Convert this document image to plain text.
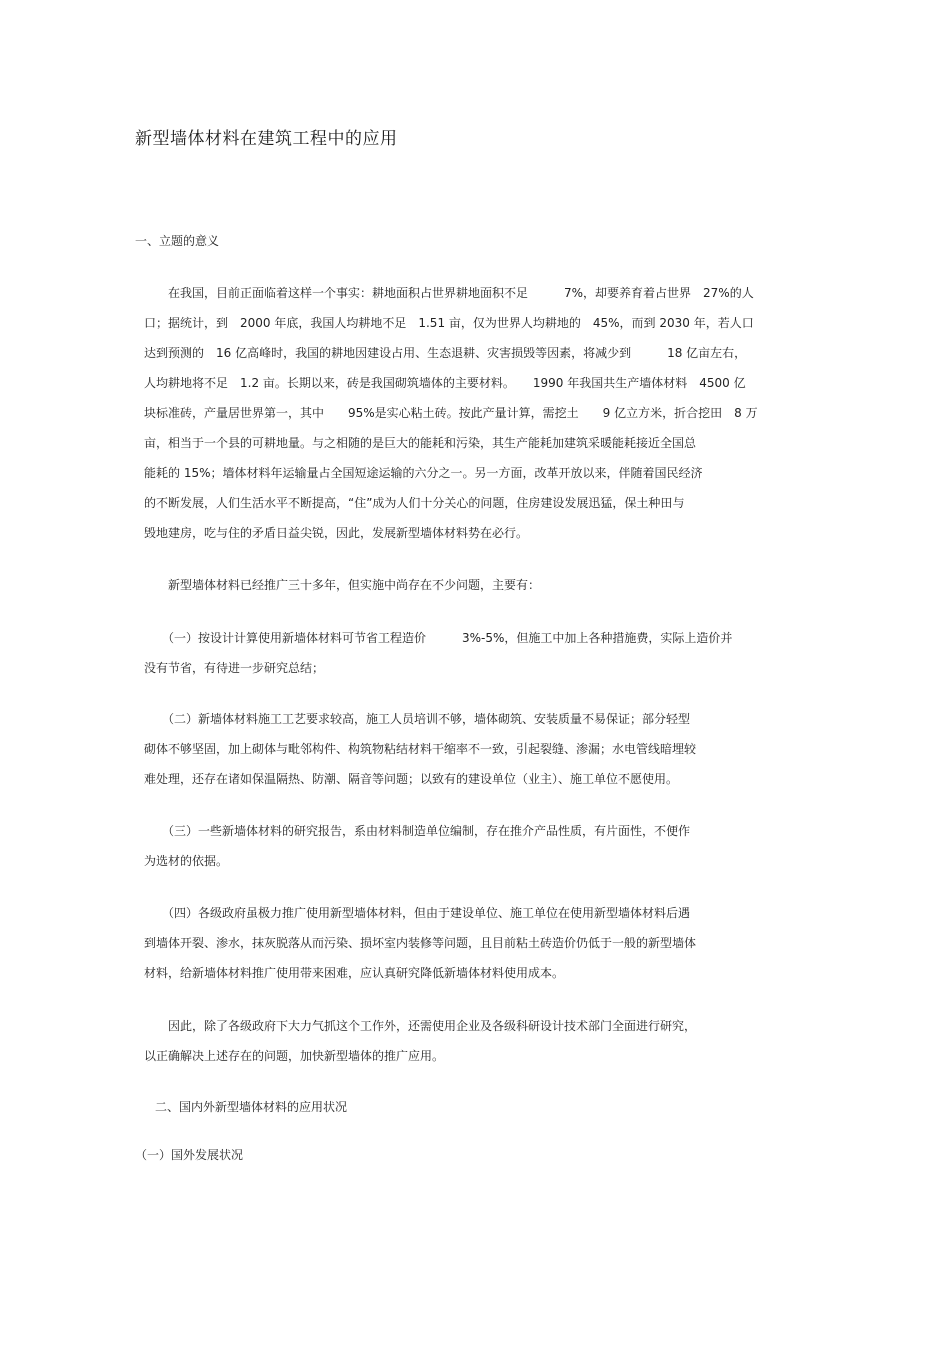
新型墙体材料在建筑工程中的应用
一、立题的意义
　　在我国，目前正面临着这样一个事实：耕地面积占世界耕地面积不足　　　7%，却要养育着占世界　27%的人
口；据统计，到　2000 年底，我国人均耕地不足　1.51 亩，仅为世界人均耕地的　45%，而到 2030 年，若人口
达到预测的　16 亿高峰时，我国的耕地因建设占用、生态退耕、灾害损毁等因素，将减少到　　　18 亿亩左右，
人均耕地将不足　1.2 亩。长期以来，砖是我国砌筑墙体的主要材料。　　1990 年我国共生产墙体材料　4500 亿
块标准砖，产量居世界第一，其中　　95%是实心粘土砖。按此产量计算，需挖土　　9 亿立方米，折合挖田　8 万
亩，相当于一个县的可耕地量。与之相随的是巨大的能耗和污染，其生产能耗加建筑采暖能耗接近全国总
能耗的 15%；墙体材料年运输量占全国短途运输的六分之一。另一方面，改革开放以来，伴随着国民经济
的不断发展，人们生活水平不断提高，“住”成为人们十分关心的问题，住房建设发展迅猛，保土种田与
毁地建房，吃与住的矛盾日益尖锐，因此，发展新型墙体材料势在必行。
　　新型墙体材料已经推广三十多年，但实施中尚存在不少问题，主要有：
　　（一）按设计计算使用新墙体材料可节省工程造价　　　3%-5%，但施工中加上各种措施费，实际上造价并
没有节省，有待进一步研究总结；
　　（二）新墙体材料施工工艺要求较高，施工人员培训不够，墙体砌筑、安装质量不易保证；部分轻型
砌体不够坚固，加上砌体与毗邻构件、构筑物粘结材料干缩率不一致，引起裂缝、渗漏；水电管线暗埋较
难处理，还存在诸如保温隔热、防潮、隔音等问题；以致有的建设单位（业主）、施工单位不愿使用。
　　（三）一些新墙体材料的研究报告，系由材料制造单位编制，存在推介产品性质，有片面性，不便作
为选材的依据。
　　（四）各级政府虽极力推广使用新型墙体材料，但由于建设单位、施工单位在使用新型墙体材料后遇
到墙体开裂、渗水，抹灰脱落从而污染、损坏室内装修等问题，且目前粘土砖造价仍低于一般的新型墙体
材料，给新墙体材料推广使用带来困难，应认真研究降低新墙体材料使用成本。
　　因此，除了各级政府下大力气抓这个工作外，还需使用企业及各级科研设计技术部门全面进行研究，
以正确解决上述存在的问题，加快新型墙体的推广应用。
二、国内外新型墙体材料的应用状况
（一）国外发展状况
